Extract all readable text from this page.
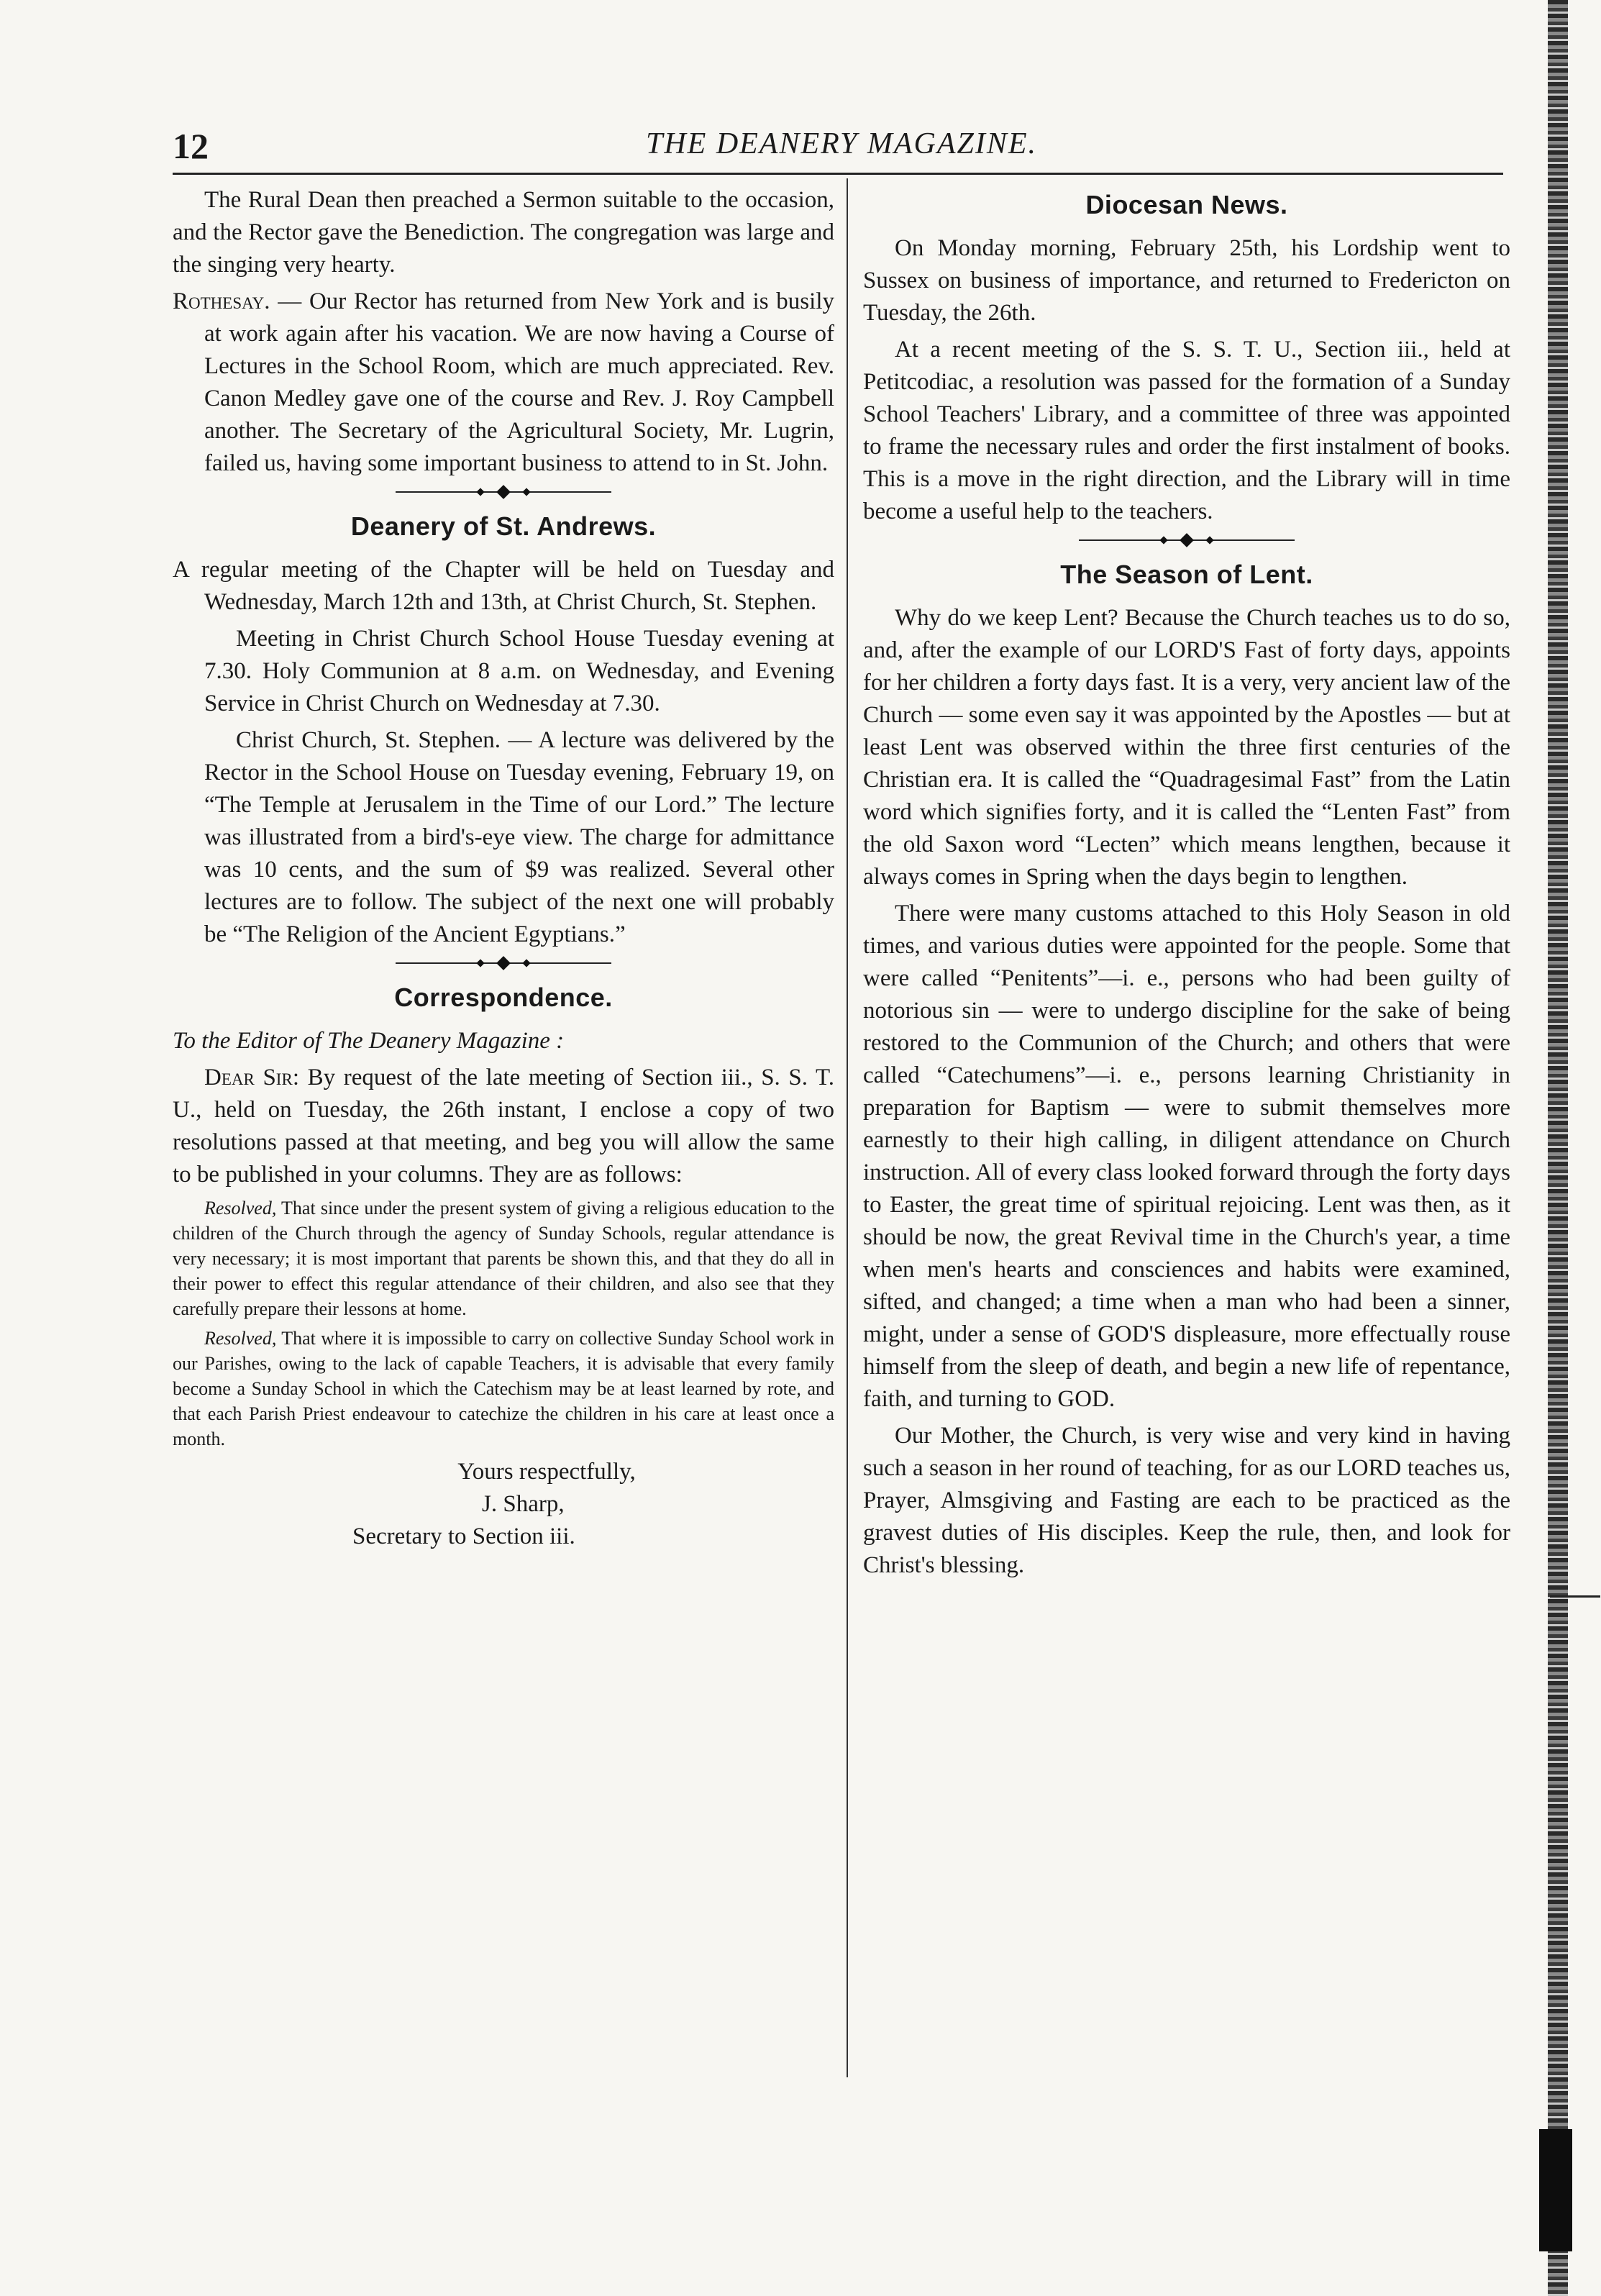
12	THE DEANERY MAGAZINE.

The Rural Dean then preached a Sermon suitable to the occasion, and the Rector gave the Benediction. The congregation was large and the singing very hearty.

Rothesay. — Our Rector has returned from New York and is busily at work again after his vacation. We are now having a Course of Lectures in the School Room, which are much appreciated. Rev. Canon Medley gave one of the course and Rev. J. Roy Campbell another. The Secretary of the Agricultural Society, Mr. Lugrin, failed us, having some important business to attend to in St. John.

Deanery of St. Andrews.

A regular meeting of the Chapter will be held on Tuesday and Wednesday, March 12th and 13th, at Christ Church, St. Stephen.

Meeting in Christ Church School House Tuesday evening at 7.30. Holy Communion at 8 a.m. on Wednesday, and Evening Service in Christ Church on Wednesday at 7.30.

Christ Church, St. Stephen. — A lecture was delivered by the Rector in the School House on Tuesday evening, February 19, on “The Temple at Jerusalem in the Time of our Lord.” The lecture was illustrated from a bird's-eye view. The charge for admittance was 10 cents, and the sum of $9 was realized. Several other lectures are to follow. The subject of the next one will probably be “The Religion of the Ancient Egyptians.”

Correspondence.

To the Editor of The Deanery Magazine :

Dear Sir: By request of the late meeting of Section iii., S. S. T. U., held on Tuesday, the 26th instant, I enclose a copy of two resolutions passed at that meeting, and beg you will allow the same to be published in your columns. They are as follows:

Resolved, That since under the present system of giving a religious education to the children of the Church through the agency of Sunday Schools, regular attendance is very necessary; it is most important that parents be shown this, and that they do all in their power to effect this regular attendance of their children, and also see that they carefully prepare their lessons at home.

Resolved, That where it is impossible to carry on collective Sunday School work in our Parishes, owing to the lack of capable Teachers, it is advisable that every family become a Sunday School in which the Catechism may be at least learned by rote, and that each Parish Priest endeavour to catechize the children in his care at least once a month.

Yours respectfully,

J. Sharp,

Secretary to Section iii.

Diocesan News.

On Monday morning, February 25th, his Lordship went to Sussex on business of importance, and returned to Fredericton on Tuesday, the 26th.

At a recent meeting of the S. S. T. U., Section iii., held at Petitcodiac, a resolution was passed for the formation of a Sunday School Teachers' Library, and a committee of three was appointed to frame the necessary rules and order the first instalment of books. This is a move in the right direction, and the Library will in time become a useful help to the teachers.

The Season of Lent.

Why do we keep Lent? Because the Church teaches us to do so, and, after the example of our LORD'S Fast of forty days, appoints for her children a forty days fast. It is a very, very ancient law of the Church — some even say it was appointed by the Apostles — but at least Lent was observed within the three first centuries of the Christian era. It is called the “Quadragesimal Fast” from the Latin word which signifies forty, and it is called the “Lenten Fast” from the old Saxon word “Lecten” which means lengthen, because it always comes in Spring when the days begin to lengthen.

There were many customs attached to this Holy Season in old times, and various duties were appointed for the people. Some that were called “Penitents”—i. e., persons who had been guilty of notorious sin — were to undergo discipline for the sake of being restored to the Communion of the Church; and others that were called “Catechumens”—i. e., persons learning Christianity in preparation for Baptism — were to submit themselves more earnestly to their high calling, in diligent attendance on Church instruction. All of every class looked forward through the forty days to Easter, the great time of spiritual rejoicing. Lent was then, as it should be now, the great Revival time in the Church's year, a time when men's hearts and consciences and habits were examined, sifted, and changed; a time when a man who had been a sinner, might, under a sense of GOD'S displeasure, more effectually rouse himself from the sleep of death, and begin a new life of repentance, faith, and turning to GOD.

Our Mother, the Church, is very wise and very kind in having such a season in her round of teaching, for as our LORD teaches us, Prayer, Almsgiving and Fasting are each to be practiced as the gravest duties of His disciples. Keep the rule, then, and look for Christ's blessing.
